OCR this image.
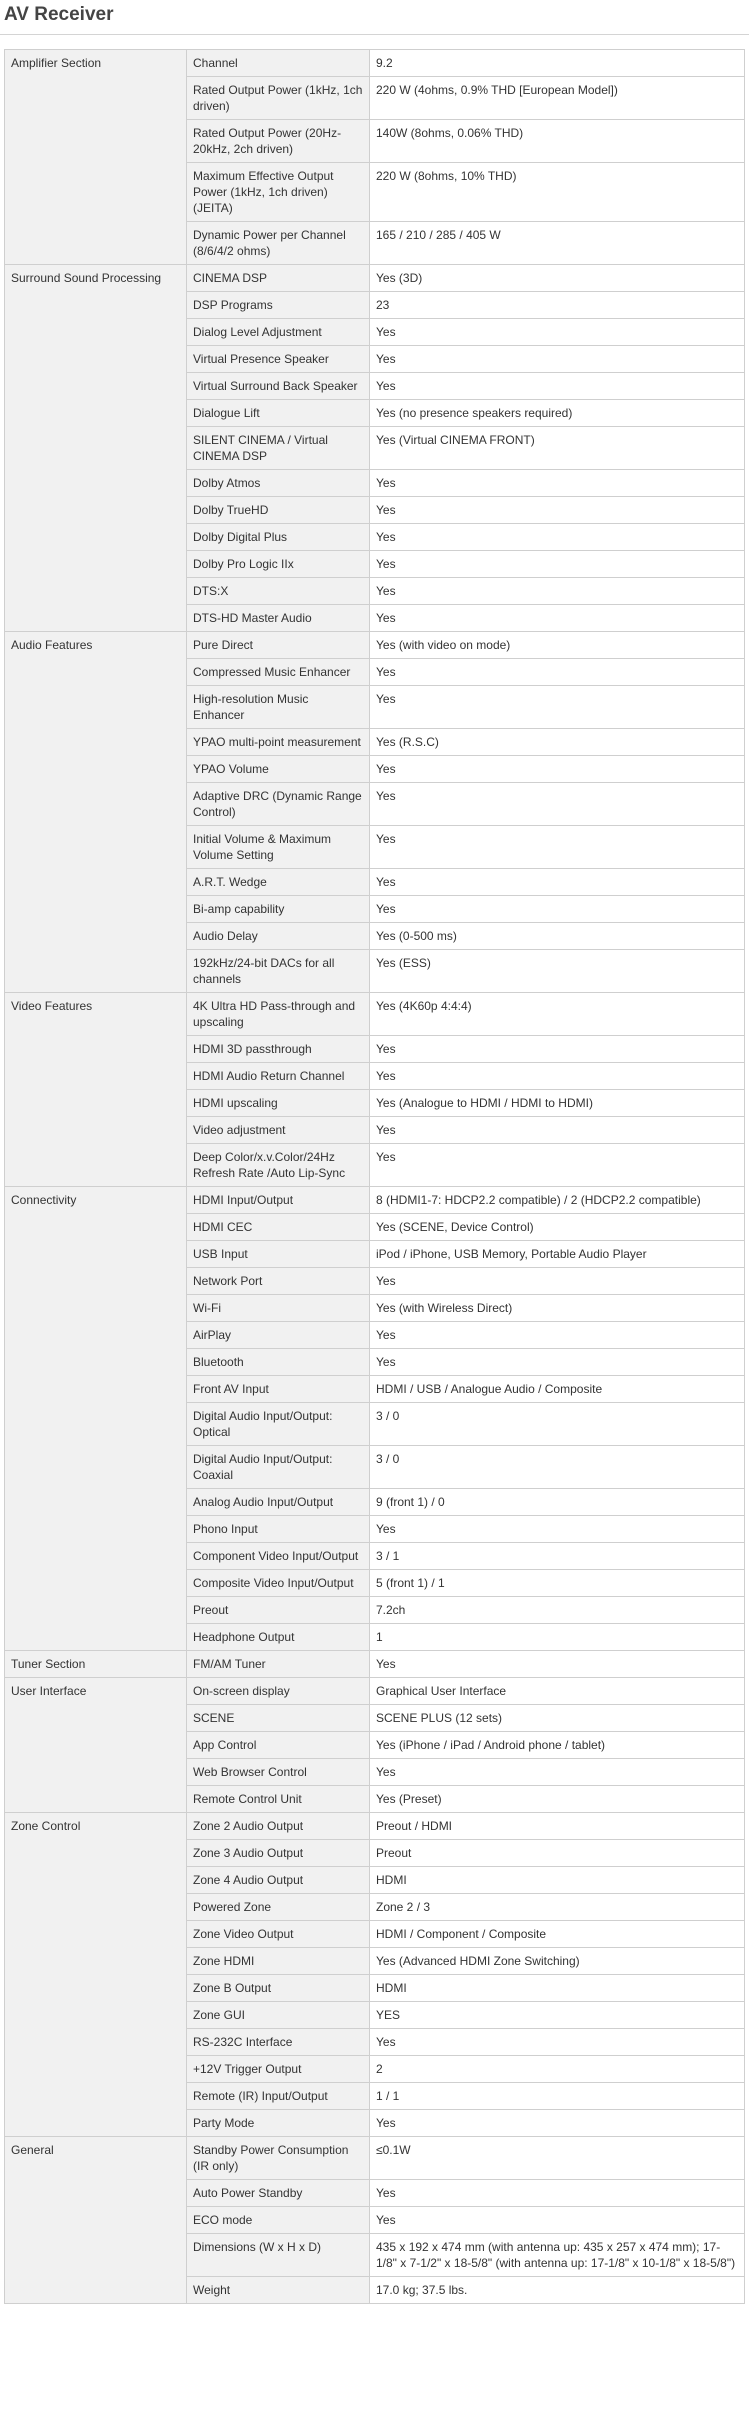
AV Receiver
Amplifier Section	Channel	9.2
	Rated Output Power (1kHz, 1ch driven)	220 W (4ohms, 0.9% THD [European Model])
	Rated Output Power (20Hz-20kHz, 2ch driven)	140W (8ohms, 0.06% THD)
	Maximum Effective Output Power (1kHz, 1ch driven) (JEITA)	220 W (8ohms, 10% THD)
	Dynamic Power per Channel (8/6/4/2 ohms)	165 / 210 / 285 / 405 W
Surround Sound Processing	CINEMA DSP	Yes (3D)
	DSP Programs	23
	Dialog Level Adjustment	Yes
	Virtual Presence Speaker	Yes
	Virtual Surround Back Speaker	Yes
	Dialogue Lift	Yes (no presence speakers required)
	SILENT CINEMA / Virtual CINEMA DSP	Yes (Virtual CINEMA FRONT)
	Dolby Atmos	Yes
	Dolby TrueHD	Yes
	Dolby Digital Plus	Yes
	Dolby Pro Logic IIx	Yes
	DTS:X	Yes
	DTS-HD Master Audio	Yes
Audio Features	Pure Direct	Yes (with video on mode)
	Compressed Music Enhancer	Yes
	High-resolution Music Enhancer	Yes
	YPAO multi-point measurement	Yes (R.S.C)
	YPAO Volume	Yes
	Adaptive DRC (Dynamic Range Control)	Yes
	Initial Volume & Maximum Volume Setting	Yes
	A.R.T. Wedge	Yes
	Bi-amp capability	Yes
	Audio Delay	Yes (0-500 ms)
	192kHz/24-bit DACs for all channels	Yes (ESS)
Video Features	4K Ultra HD Pass-through and upscaling	Yes (4K60p 4:4:4)
	HDMI 3D passthrough	Yes
	HDMI Audio Return Channel	Yes
	HDMI upscaling	Yes (Analogue to HDMI / HDMI to HDMI)
	Video adjustment	Yes
	Deep Color/x.v.Color/24Hz Refresh Rate /Auto Lip-Sync	Yes
Connectivity	HDMI Input/Output	8 (HDMI1-7: HDCP2.2 compatible) / 2 (HDCP2.2 compatible)
	HDMI CEC	Yes (SCENE, Device Control)
	USB Input	iPod / iPhone, USB Memory, Portable Audio Player
	Network Port	Yes
	Wi-Fi	Yes (with Wireless Direct)
	AirPlay	Yes
	Bluetooth	Yes
	Front AV Input	HDMI / USB / Analogue Audio / Composite
	Digital Audio Input/Output: Optical	3 / 0
	Digital Audio Input/Output: Coaxial	3 / 0
	Analog Audio Input/Output	9 (front 1) / 0
	Phono Input	Yes
	Component Video Input/Output	3 / 1
	Composite Video Input/Output	5 (front 1) / 1
	Preout	7.2ch
	Headphone Output	1
Tuner Section	FM/AM Tuner	Yes
User Interface	On-screen display	Graphical User Interface
	SCENE	SCENE PLUS (12 sets)
	App Control	Yes (iPhone / iPad / Android phone / tablet)
	Web Browser Control	Yes
	Remote Control Unit	Yes (Preset)
Zone Control	Zone 2 Audio Output	Preout / HDMI
	Zone 3 Audio Output	Preout
	Zone 4 Audio Output	HDMI
	Powered Zone	Zone 2 / 3
	Zone Video Output	HDMI / Component / Composite
	Zone HDMI	Yes (Advanced HDMI Zone Switching)
	Zone B Output	HDMI
	Zone GUI	YES
	RS-232C Interface	Yes
	+12V Trigger Output	2
	Remote (IR) Input/Output	1 / 1
	Party Mode	Yes
General	Standby Power Consumption (IR only)	≤0.1W
	Auto Power Standby	Yes
	ECO mode	Yes
	Dimensions (W x H x D)	435 x 192 x 474 mm (with antenna up: 435 x 257 x 474 mm); 17-1/8" x 7-1/2" x 18-5/8" (with antenna up: 17-1/8" x 10-1/8" x 18-5/8")
	Weight	17.0 kg; 37.5 lbs.
